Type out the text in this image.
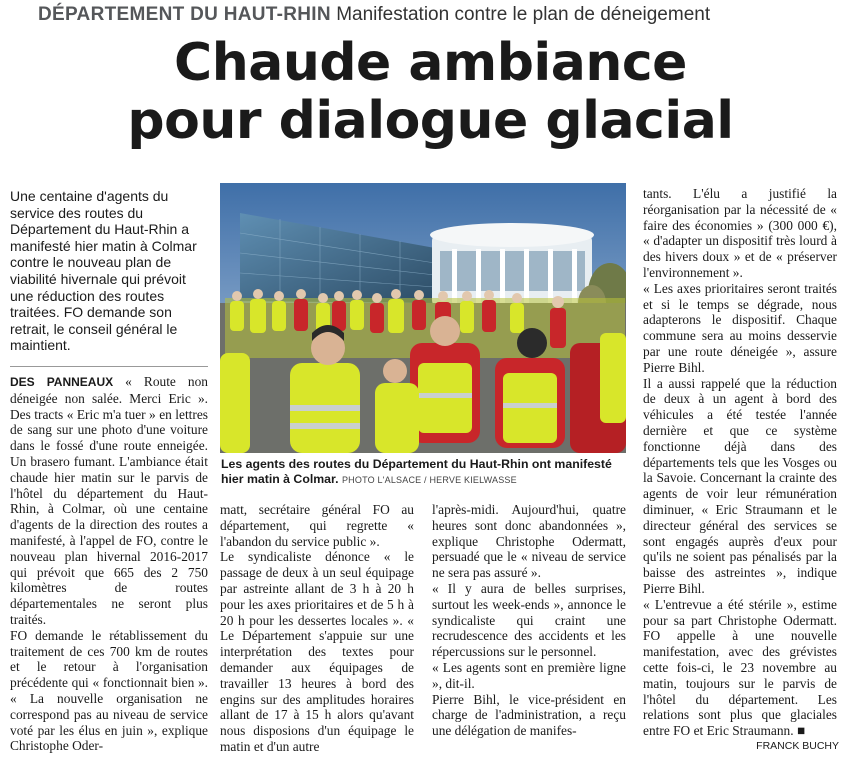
DÉPARTEMENT DU HAUT-RHIN Manifestation contre le plan de déneigement
Chaude ambiance
pour dialogue glacial
Une centaine d'agents du service des routes du Département du Haut-Rhin a manifesté hier matin à Colmar contre le nouveau plan de viabilité hivernale qui prévoit une réduction des routes traitées. FO demande son retrait, le conseil général le maintient.

DES PANNEAUX « Route non déneigée non salée. Merci Eric ». Des tracts « Eric m'a tuer » en lettres de sang sur une photo d'une voiture dans le fossé d'une route enneigée. Un brasero fumant. L'ambiance était chaude hier matin sur le parvis de l'hôtel du département du Haut-Rhin, à Colmar, où une centaine d'agents de la direction des routes a manifesté, à l'appel de FO, contre le nouveau plan hivernal 2016-2017 qui prévoit que 665 des 2 750 kilomètres de routes départementales ne seront plus traités.

FO demande le rétablissement du traitement de ces 700 km de routes et le retour à l'organisation précédente qui « fonctionnait bien ». « La nouvelle organisation ne correspond pas au niveau de service voté par les élus en juin », explique Christophe Oder-

Les agents des routes du Département du Haut-Rhin ont manifesté hier matin à Colmar. PHOTO L'ALSACE / HERVE KIELWASSE

matt, secrétaire général FO au département, qui regrette « l'abandon du service public ».

Le syndicaliste dénonce « le passage de deux à un seul équipage par astreinte allant de 3 h à 20 h pour les axes prioritaires et de 5 h à 20 h pour les dessertes locales ». « Le Département s'appuie sur une interprétation des textes pour demander aux équipages de travailler 13 heures à bord des engins sur des amplitudes horaires allant de 17 à 15 h alors qu'avant nous disposions d'un équipage le matin et d'un autre

l'après-midi. Aujourd'hui, quatre heures sont donc abandonnées », explique Christophe Odermatt, persuadé que le « niveau de service ne sera pas assuré ».

« Il y aura de belles surprises, surtout les week-ends », annonce le syndicaliste qui craint une recrudescence des accidents et les répercussions sur le personnel.

« Les agents sont en première ligne », dit-il.

Pierre Bihl, le vice-président en charge de l'administration, a reçu une délégation de manifes-

tants. L'élu a justifié la réorganisation par la nécessité de « faire des économies » (300 000 €), « d'adapter un dispositif très lourd à des hivers doux » et de « préserver l'environnement ».

« Les axes prioritaires seront traités et si le temps se dégrade, nous adapterons le dispositif. Chaque commune sera au moins desservie par une route déneigée », assure Pierre Bihl.

Il a aussi rappelé que la réduction de deux à un agent à bord des véhicules a été testée l'année dernière et que ce système fonctionne déjà dans des départements tels que les Vosges ou la Savoie. Concernant la crainte des agents de voir leur rémunération diminuer, « Eric Straumann et le directeur général des services se sont engagés auprès d'eux pour qu'ils ne soient pas pénalisés par la baisse des astreintes », indique Pierre Bihl.

« L'entrevue a été stérile », estime pour sa part Christophe Odermatt. FO appelle à une nouvelle manifestation, avec des grévistes cette fois-ci, le 23 novembre au matin, toujours sur le parvis de l'hôtel du département. Les relations sont plus que glaciales entre FO et Eric Straumann. ■

FRANCK BUCHY
